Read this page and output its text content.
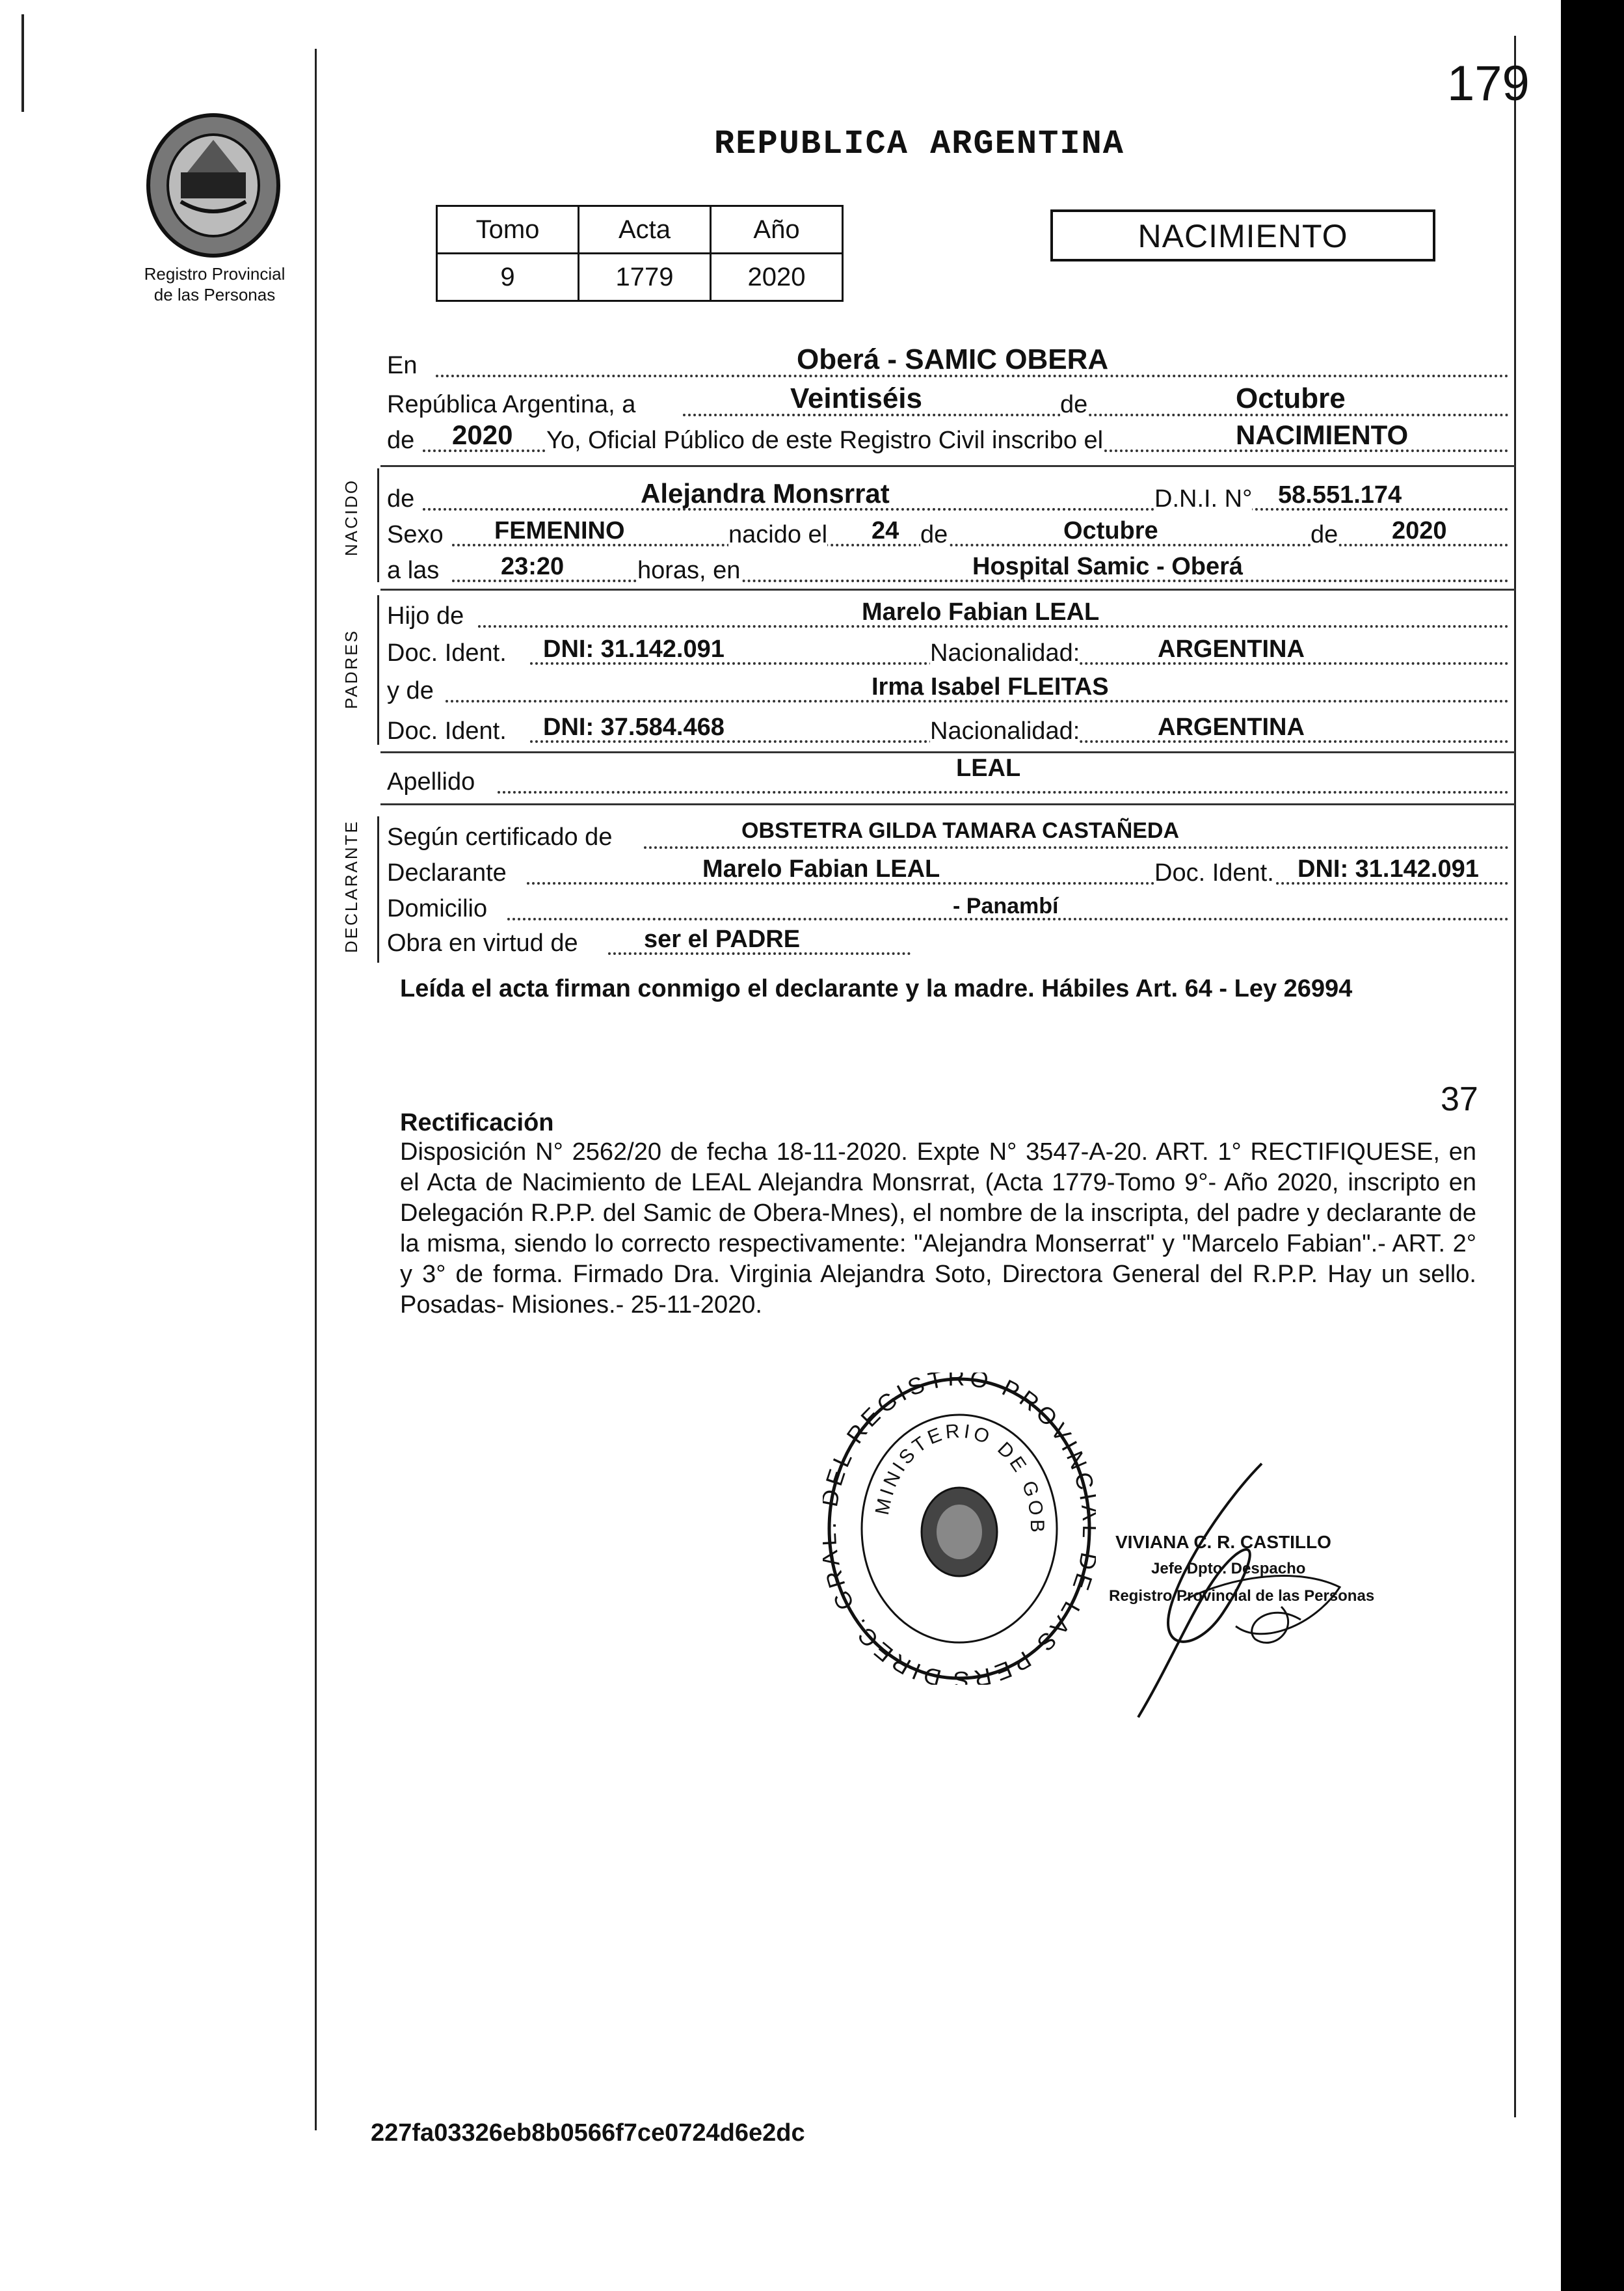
179
Registro Provincial
de las Personas
REPUBLICA ARGENTINA
Tomo	Acta	Año
9	1779	2020
NACIMIENTO
En	Oberá - SAMIC OBERA
República Argentina, a	Veintiséis	de	Octubre
de 2020 Yo, Oficial Público de este Registro Civil inscribo el	NACIMIENTO
NACIDO de	Alejandra Monsrrat	D.N.I. N° 58.551.174
Sexo FEMENINO	nacido el 24 de	Octubre	de 2020
a las 23:20	horas, en	Hospital Samic - Oberá
PADRES
Hijo de	Marelo Fabian LEAL
Doc. Ident. DNI: 31.142.091	Nacionalidad:	ARGENTINA
y de	Irma Isabel FLEITAS
Doc. Ident. DNI: 37.584.468	Nacionalidad:	ARGENTINA
Apellido	LEAL
DECLARANTE Según certificado de	OBSTETRA GILDA TAMARA CASTAÑEDA
Declarante	Marelo Fabian LEAL	Doc. Ident. DNI: 31.142.091
Domicilio	- Panambí
Obra en virtud de	ser el PADRE
Leída el acta firman conmigo el declarante y la madre. Hábiles Art. 64 - Ley 26994
37
Rectificación
Disposición N° 2562/20 de fecha 18-11-2020. Expte N° 3547-A-20. ART. 1° RECTIFIQUESE, en el Acta de Nacimiento de LEAL Alejandra Monsrrat, (Acta 1779-Tomo 9°- Año 2020, inscripto en Delegación R.P.P. del Samic de Obera-Mnes), el nombre de la inscripta, del padre y declarante de la misma, siendo lo correcto respectivamente: "Alejandra Monserrat" y "Marcelo Fabian".- ART. 2° y 3° de forma. Firmado Dra. Virginia Alejandra Soto, Directora General del R.P.P. Hay un sello. Posadas- Misiones.- 25-11-2020.
DIREC. G EL REGISTRO PROVIN E LAS PERS
MINISTERIO DE GOB
VIVIANA C. R. CASTILLO
Jefe Dpto. Despacho
Registro Provincial de las Personas
227fa03326eb8b0566f7ce0724d6e2dc
